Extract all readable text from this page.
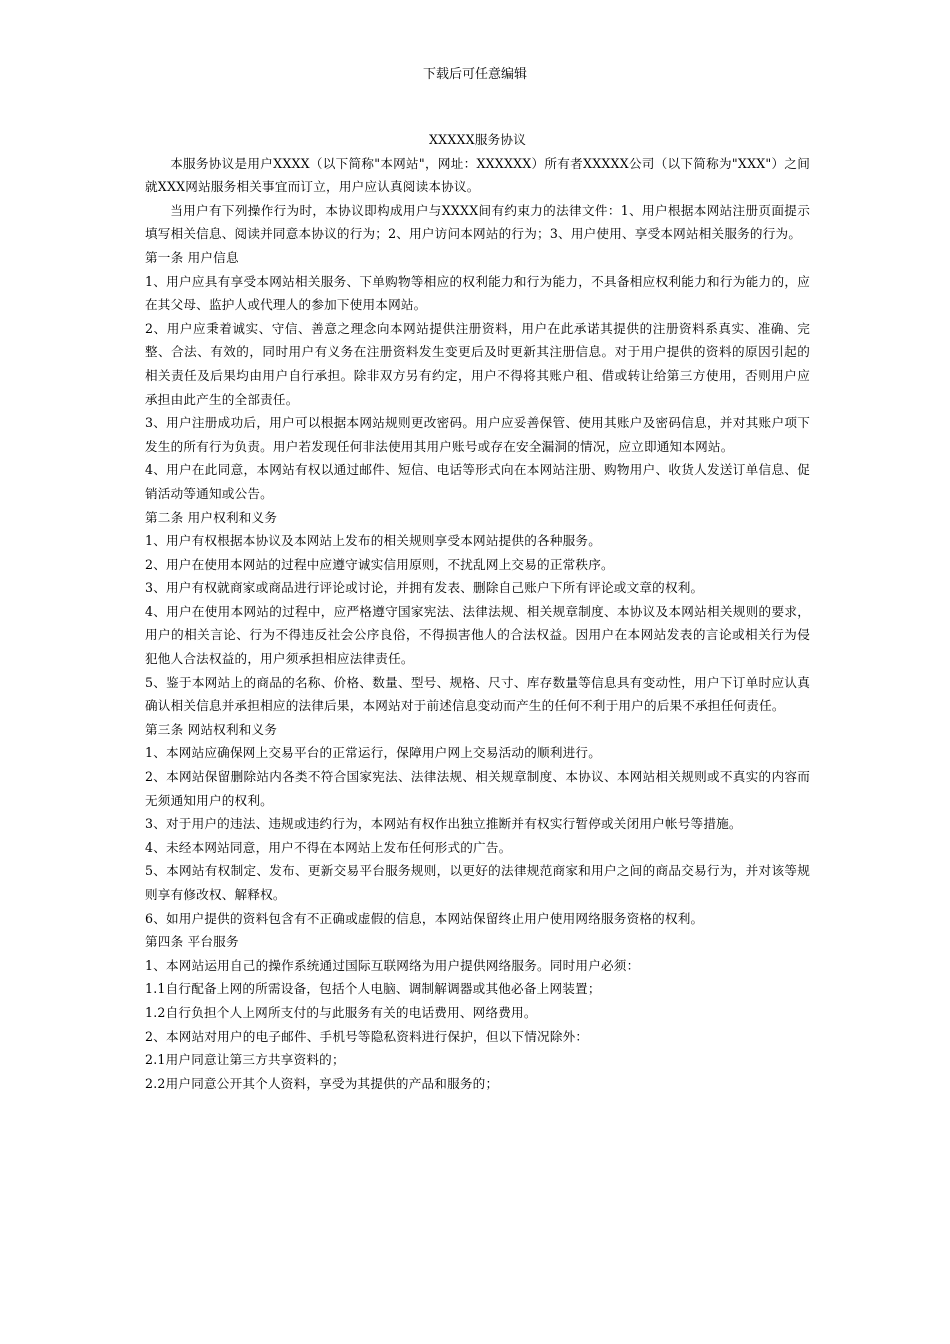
下载后可任意编辑

XXXXX服务协议

本服务协议是用户XXXX（以下简称"本网站"，网址：XXXXXX）所有者XXXXX公司（以下简称为"XXX"）之间就XXX网站服务相关事宜而订立，用户应认真阅读本协议。

当用户有下列操作行为时，本协议即构成用户与XXXX间有约束力的法律文件：1、用户根据本网站注册页面提示填写相关信息、阅读并同意本协议的行为；2、用户访问本网站的行为；3、用户使用、享受本网站相关服务的行为。

第一条 用户信息

1、用户应具有享受本网站相关服务、下单购物等相应的权利能力和行为能力，不具备相应权利能力和行为能力的，应在其父母、监护人或代理人的参加下使用本网站。

2、用户应秉着诚实、守信、善意之理念向本网站提供注册资料，用户在此承诺其提供的注册资料系真实、准确、完整、合法、有效的，同时用户有义务在注册资料发生变更后及时更新其注册信息。对于用户提供的资料的原因引起的相关责任及后果均由用户自行承担。除非双方另有约定，用户不得将其账户租、借或转让给第三方使用，否则用户应承担由此产生的全部责任。

3、用户注册成功后，用户可以根据本网站规则更改密码。用户应妥善保管、使用其账户及密码信息，并对其账户项下发生的所有行为负责。用户若发现任何非法使用其用户账号或存在安全漏洞的情况，应立即通知本网站。

4、用户在此同意，本网站有权以通过邮件、短信、电话等形式向在本网站注册、购物用户、收货人发送订单信息、促销活动等通知或公告。

第二条 用户权利和义务

1、用户有权根据本协议及本网站上发布的相关规则享受本网站提供的各种服务。

2、用户在使用本网站的过程中应遵守诚实信用原则，不扰乱网上交易的正常秩序。

3、用户有权就商家或商品进行评论或讨论，并拥有发表、删除自己账户下所有评论或文章的权利。

4、用户在使用本网站的过程中，应严格遵守国家宪法、法律法规、相关规章制度、本协议及本网站相关规则的要求，用户的相关言论、行为不得违反社会公序良俗，不得损害他人的合法权益。因用户在本网站发表的言论或相关行为侵犯他人合法权益的，用户须承担相应法律责任。

5、鉴于本网站上的商品的名称、价格、数量、型号、规格、尺寸、库存数量等信息具有变动性，用户下订单时应认真确认相关信息并承担相应的法律后果，本网站对于前述信息变动而产生的任何不利于用户的后果不承担任何责任。

第三条 网站权利和义务

1、本网站应确保网上交易平台的正常运行，保障用户网上交易活动的顺利进行。

2、本网站保留删除站内各类不符合国家宪法、法律法规、相关规章制度、本协议、本网站相关规则或不真实的内容而无须通知用户的权利。

3、对于用户的违法、违规或违约行为，本网站有权作出独立推断并有权实行暂停或关闭用户帐号等措施。

4、未经本网站同意，用户不得在本网站上发布任何形式的广告。

5、本网站有权制定、发布、更新交易平台服务规则，以更好的法律规范商家和用户之间的商品交易行为，并对该等规则享有修改权、解释权。

6、如用户提供的资料包含有不正确或虚假的信息，本网站保留终止用户使用网络服务资格的权利。

第四条 平台服务

1、本网站运用自己的操作系统通过国际互联网络为用户提供网络服务。同时用户必须：

1.1自行配备上网的所需设备，包括个人电脑、调制解调器或其他必备上网装置；

1.2自行负担个人上网所支付的与此服务有关的电话费用、网络费用。

2、本网站对用户的电子邮件、手机号等隐私资料进行保护，但以下情况除外：

2.1用户同意让第三方共享资料的；

2.2用户同意公开其个人资料，享受为其提供的产品和服务的；
